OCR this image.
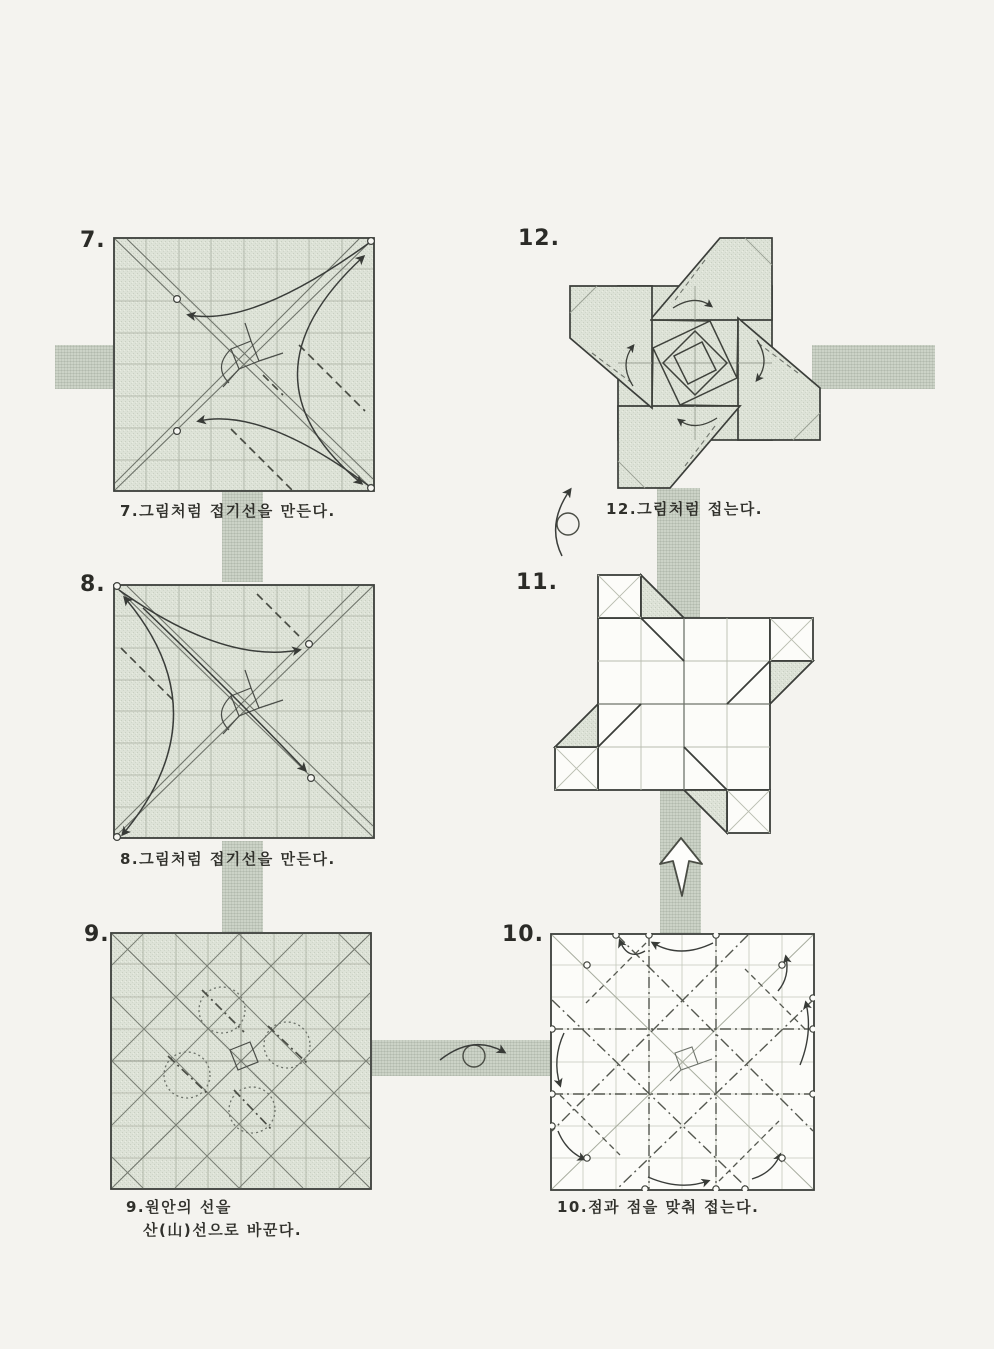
7.	12.
8.	11.
9.	10.
7.그림처럼 접기선을 만든다.	12.그림처럼 접는다.
8.그림처럼 접기선을 만든다.
9.원안의 선을
산(山)선으로 바꾼다.
10.점과 점을 맞춰 접는다.
